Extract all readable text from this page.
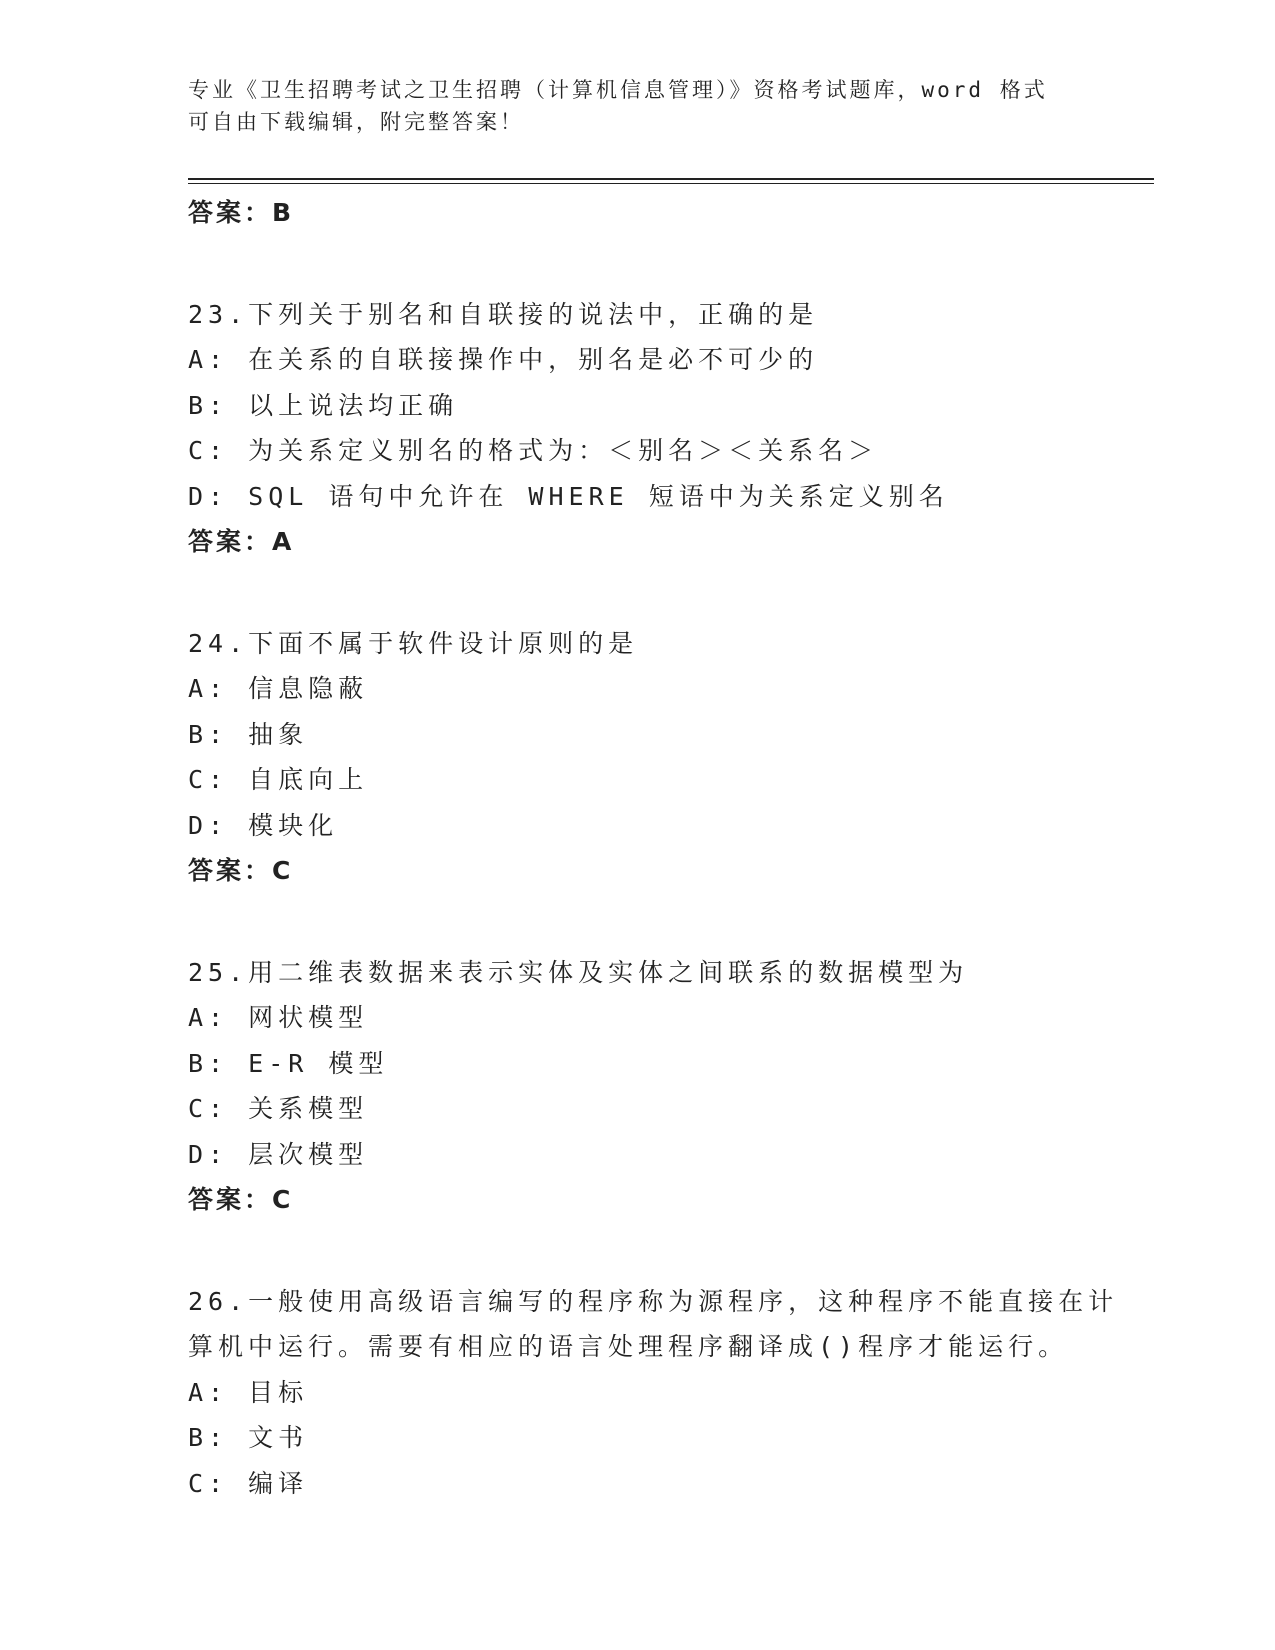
专业《卫生招聘考试之卫生招聘（计算机信息管理）》资格考试题库，word 格式
可自由下载编辑，附完整答案！
答案：B
23.下列关于别名和自联接的说法中，正确的是
A: 在关系的自联接操作中，别名是必不可少的
B: 以上说法均正确
C: 为关系定义别名的格式为：＜别名＞＜关系名＞
D: SQL 语句中允许在 WHERE 短语中为关系定义别名
答案：A
24.下面不属于软件设计原则的是
A: 信息隐蔽
B: 抽象
C: 自底向上
D: 模块化
答案：C
25.用二维表数据来表示实体及实体之间联系的数据模型为
A: 网状模型
B: E-R 模型
C: 关系模型
D: 层次模型
答案：C
26.一般使用高级语言编写的程序称为源程序，这种程序不能直接在计
算机中运行。需要有相应的语言处理程序翻译成()程序才能运行。
A: 目标
B: 文书
C: 编译
